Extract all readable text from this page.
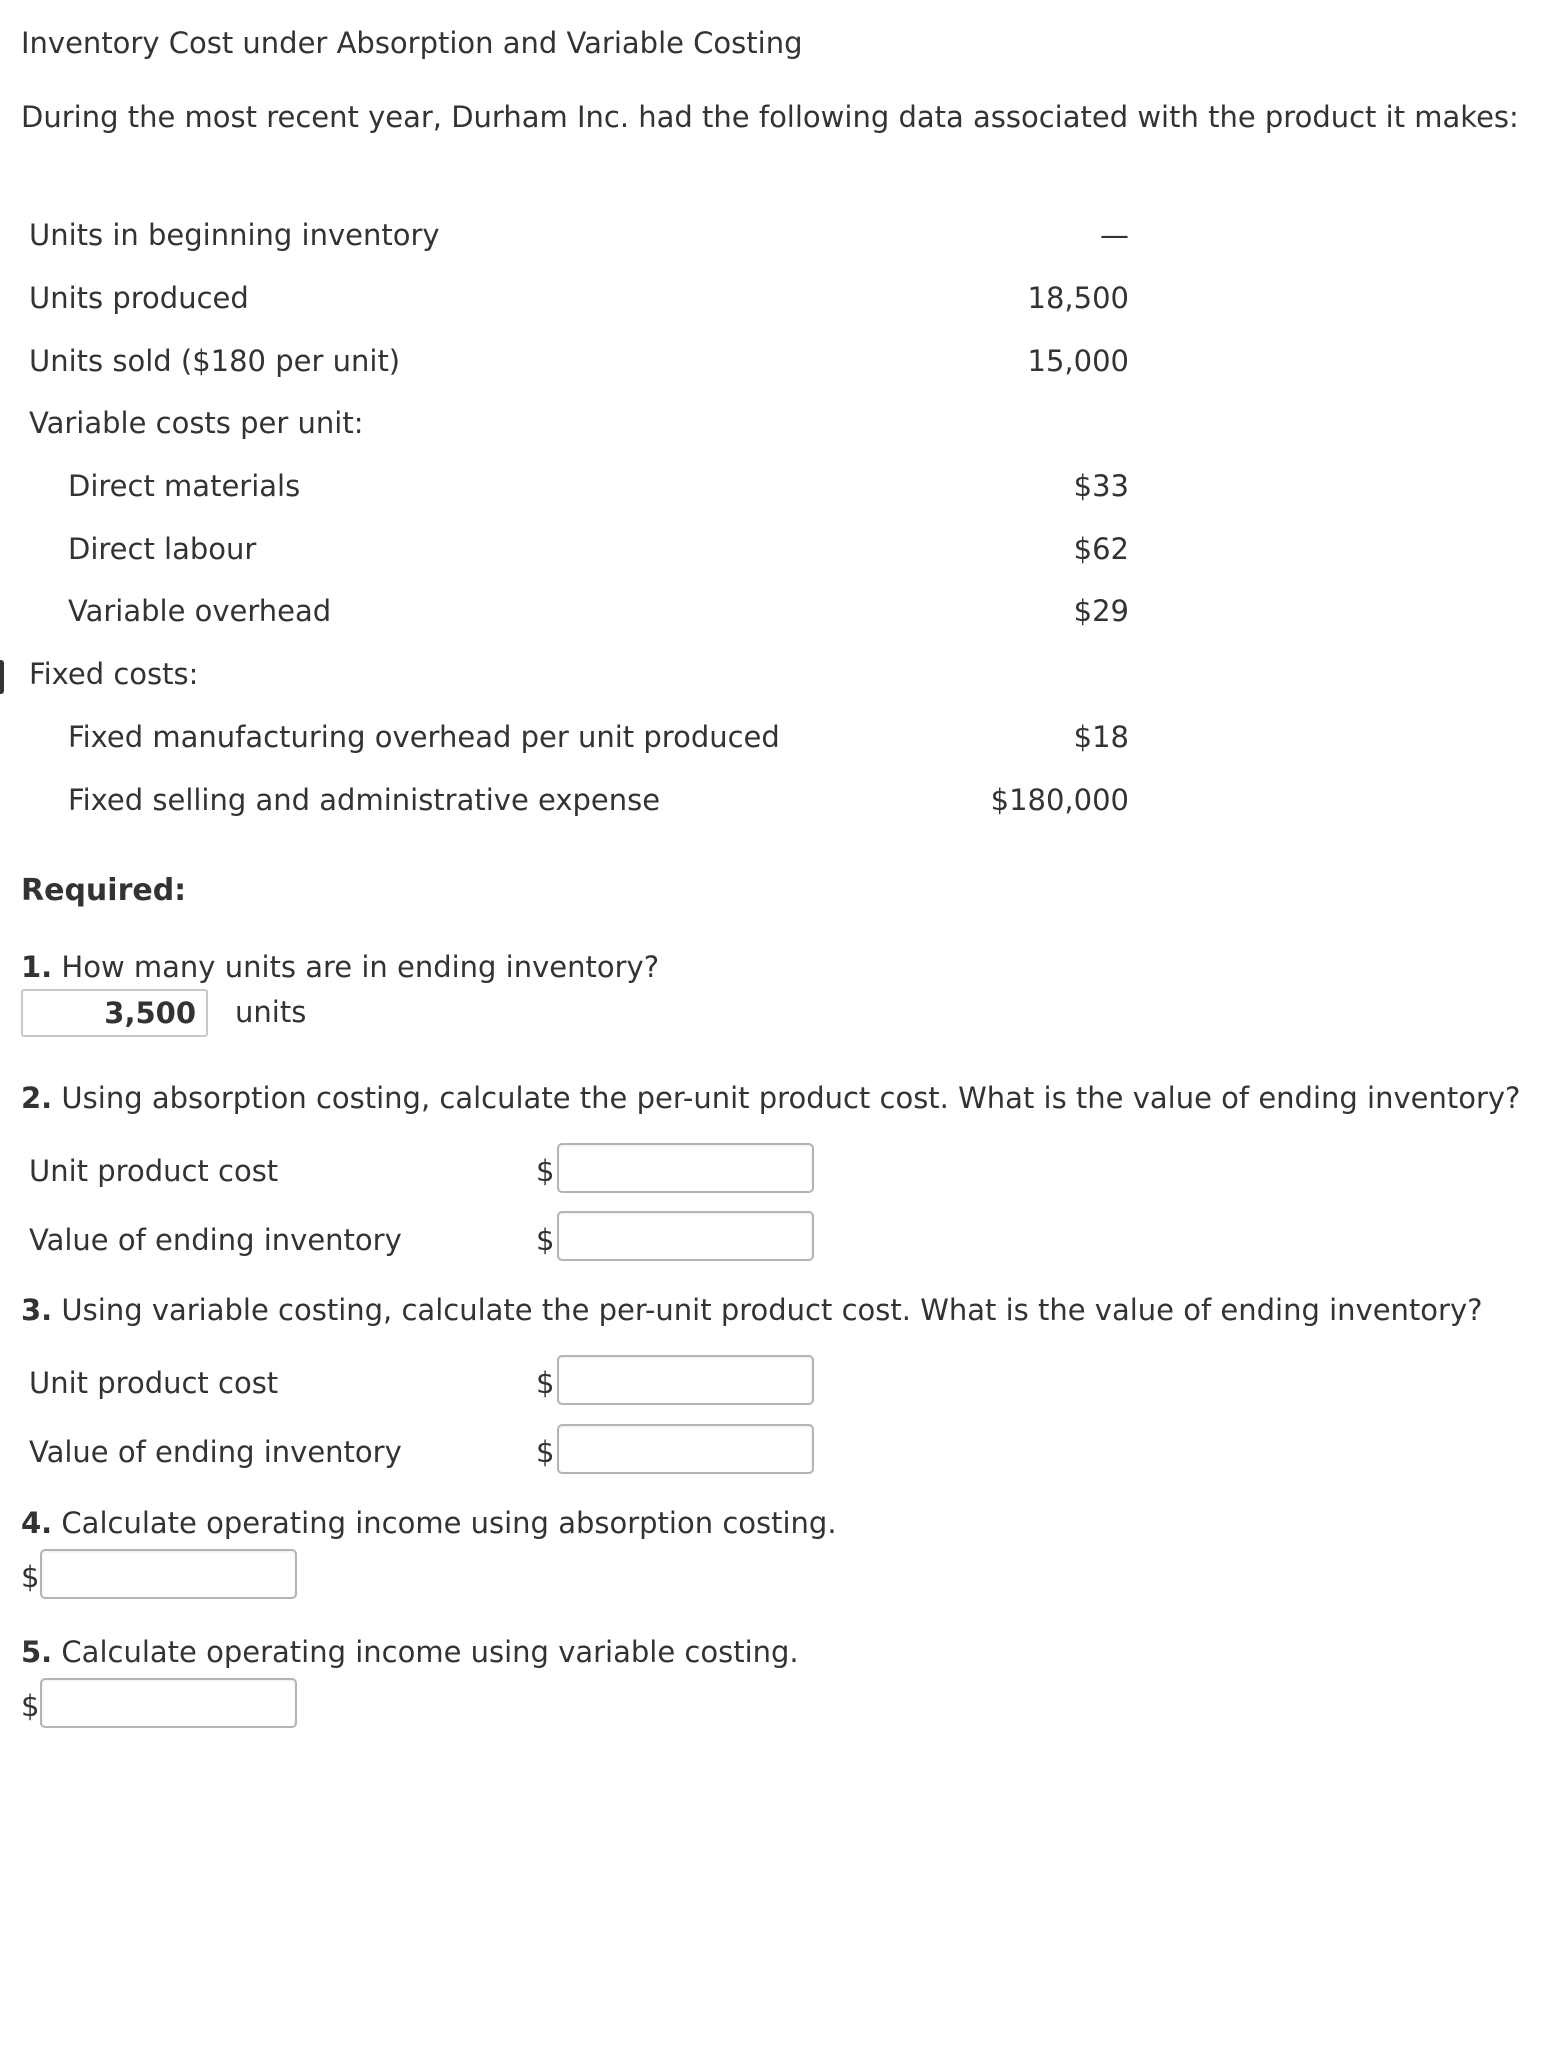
Inventory Cost under Absorption and Variable Costing
During the most recent year, Durham Inc. had the following data associated with the product it makes:
Units in beginning inventory	—
Units produced	18,500
Units sold ($180 per unit)	15,000
Variable costs per unit:
Direct materials	$33
Direct labour	$62
Variable overhead	$29
Fixed costs:
Fixed manufacturing overhead per unit produced	$18
Fixed selling and administrative expense	$180,000
Required:
1. How many units are in ending inventory?
3,500	units
2. Using absorption costing, calculate the per-unit product cost. What is the value of ending inventory?
Unit product cost	$
Value of ending inventory	$
3. Using variable costing, calculate the per-unit product cost. What is the value of ending inventory?
Unit product cost	$
Value of ending inventory	$
4. Calculate operating income using absorption costing.
$
5. Calculate operating income using variable costing.
$
